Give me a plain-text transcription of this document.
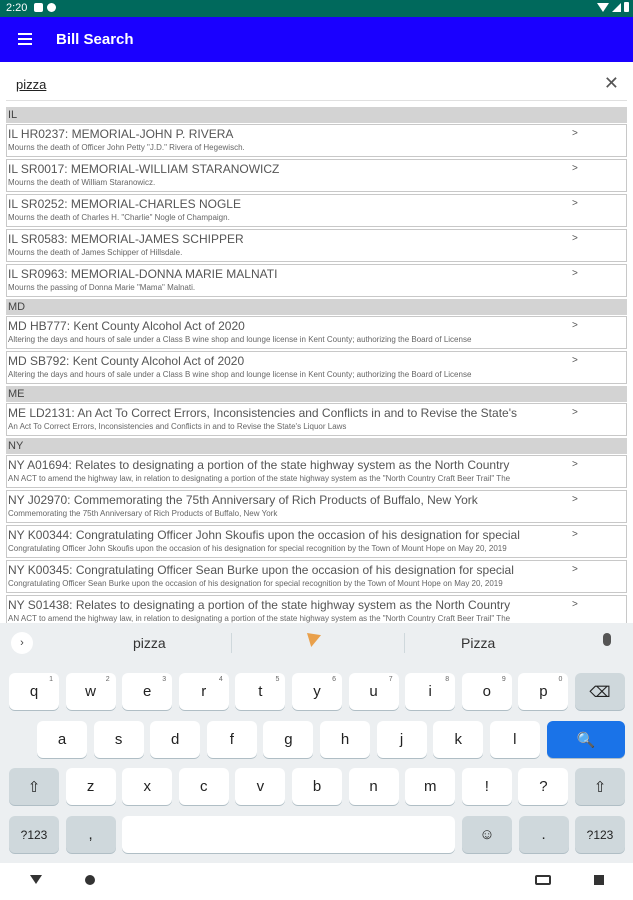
2:20
Bill Search
pizza
✕
IL
IL HR0237: MEMORIAL-JOHN P. RIVERA
Mourns the death of Officer John Petty "J.D." Rivera of Hegewisch.
>
IL SR0017: MEMORIAL-WILLIAM STARANOWICZ
Mourns the death of William Staranowicz.
>
IL SR0252: MEMORIAL-CHARLES NOGLE
Mourns the death of Charles H. "Charlie" Nogle of Champaign.
>
IL SR0583: MEMORIAL-JAMES SCHIPPER
Mourns the death of James Schipper of Hillsdale.
>
IL SR0963: MEMORIAL-DONNA MARIE MALNATI
Mourns the passing of Donna Marie "Mama" Malnati.
>
MD
MD HB777: Kent County Alcohol Act of 2020
Altering the days and hours of sale under a Class B wine shop and lounge license in Kent County; authorizing the Board of License
>
MD SB792: Kent County Alcohol Act of 2020
Altering the days and hours of sale under a Class B wine shop and lounge license in Kent County; authorizing the Board of License
>
ME
ME LD2131: An Act To Correct Errors, Inconsistencies and Conflicts in and to Revise the State's
An Act To Correct Errors, Inconsistencies and Conflicts in and to Revise the State's Liquor Laws
>
NY
NY A01694: Relates to designating a portion of the state highway system as the North Country
AN ACT to amend the highway law, in relation to designating a portion of the state highway system as the "North Country Craft Beer Trail" The
>
NY J02970: Commemorating the 75th Anniversary of Rich Products of Buffalo, New York
Commemorating the 75th Anniversary of Rich Products of Buffalo, New York
>
NY K00344: Congratulating Officer John Skoufis upon the occasion of his designation for special
Congratulating Officer John Skoufis upon the occasion of his designation for special recognition by the Town of Mount Hope on May 20, 2019
>
NY K00345: Congratulating Officer Sean Burke upon the occasion of his designation for special
Congratulating Officer Sean Burke upon the occasion of his designation for special recognition by the Town of Mount Hope on May 20, 2019
>
NY S01438: Relates to designating a portion of the state highway system as the North Country
AN ACT to amend the highway law, in relation to designating a portion of the state highway system as the "North Country Craft Beer Trail" The
>
›	pizza	Pizza
q
1
w
2
e
3
r
4
t
5
y
6
u
7
i
8
o
9
p
0
⌫
a	s	d	f	g	h	j	k	l	🔍
⇧	z	x	c	v	b	n	m	!	?	⇧
?123	,	☺	.	?123
